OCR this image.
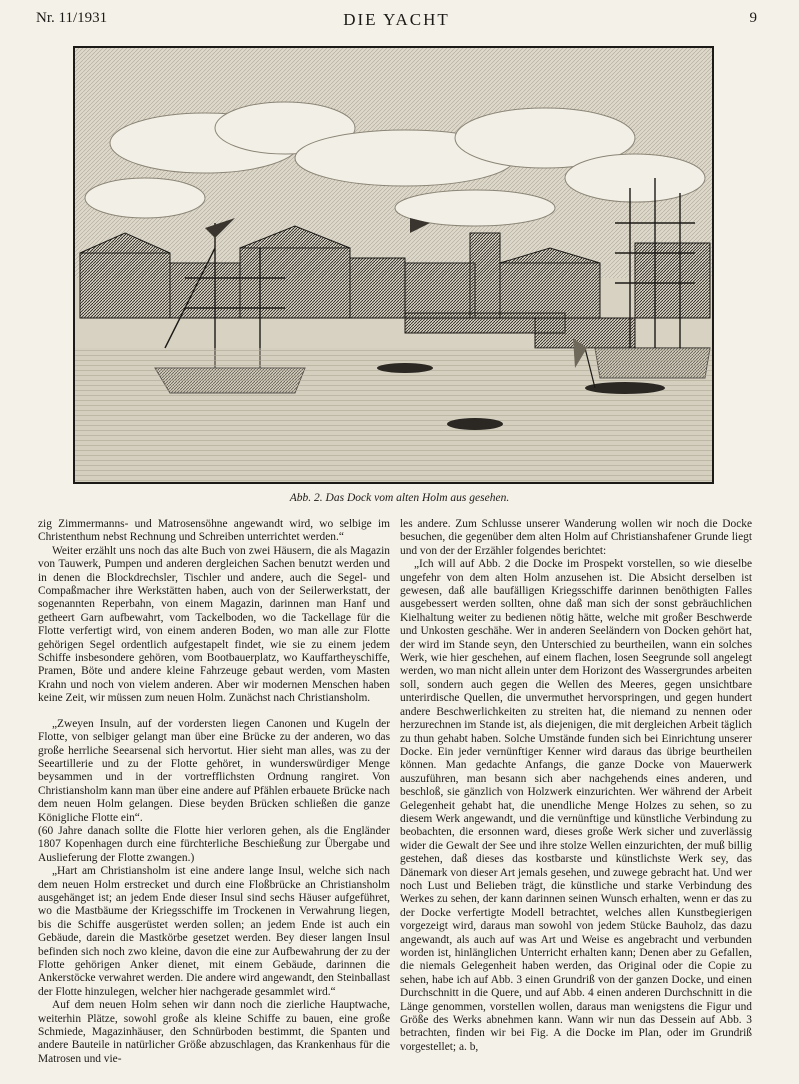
Nr. 11/1931	DIE YACHT	9
Abb. 2. Das Dock vom alten Holm aus gesehen.

zig Zimmermanns- und Matrosensöhne angewandt wird, wo selbige im Christenthum nebst Rechnung und Schreiben unterrichtet werden.“

Weiter erzählt uns noch das alte Buch von zwei Häusern, die als Magazin von Tauwerk, Pumpen und anderen dergleichen Sachen benutzt werden und in denen die Blockdrechsler, Tischler und andere, auch die Segel- und Compaßmacher ihre Werkstätten haben, auch von der Seilerwerkstatt, der sogenannten Reperbahn, von einem Magazin, darinnen man Hanf und getheert Garn aufbewahrt, vom Tackelboden, wo die Tackellage für die Flotte verfertigt wird, von einem anderen Boden, wo man alle zur Flotte gehörigen Segel ordentlich aufgestapelt findet, wie sie zu einem jedem Schiffe insbesondere gehören, vom Bootbauerplatz, wo Kauffartheyschiffe, Pramen, Böte und andere kleine Fahrzeuge gebaut werden, vom Masten Krahn und noch von vielem anderen. Aber wir modernen Menschen haben keine Zeit, wir müssen zum neuen Holm. Zunächst nach Christiansholm.

„Zweyen Insuln, auf der vordersten liegen Canonen und Kugeln der Flotte, von selbiger gelangt man über eine Brücke zu der anderen, wo das große herrliche Seearsenal sich hervortut. Hier sieht man alles, was zu der Seeartillerie und zu der Flotte gehöret, in wunderswürdiger Menge beysammen und in der vortrefflichsten Ordnung rangiret. Von Christiansholm kann man über eine andere auf Pfählen erbauete Brücke nach dem neuen Holm gelangen. Diese beyden Brücken schließen die ganze Königliche Flotte ein“.

(60 Jahre danach sollte die Flotte hier verloren gehen, als die Engländer 1807 Kopenhagen durch eine fürchterliche Beschießung zur Übergabe und Auslieferung der Flotte zwangen.)

„Hart am Christiansholm ist eine andere lange Insul, welche sich nach dem neuen Holm erstrecket und durch eine Floßbrücke an Christiansholm ausgehänget ist; an jedem Ende dieser Insul sind sechs Häuser aufgeführet, wo die Mastbäume der Kriegsschiffe im Trockenen in Verwahrung liegen, bis die Schiffe ausgerüstet werden sollen; an jedem Ende ist auch ein Gebäude, darein die Mastkörbe gesetzet werden. Bey dieser langen Insul befinden sich noch zwo kleine, davon die eine zur Aufbewahrung der zu der Flotte gehörigen Anker dienet, mit einem Gebäude, darinnen die Ankerstöcke verwahret werden. Die andere wird angewandt, den Steinballast der Flotte hinzulegen, welcher hier nachgerade gesammlet wird.“

Auf dem neuen Holm sehen wir dann noch die zierliche Hauptwache, weiterhin Plätze, sowohl große als kleine Schiffe zu bauen, eine große Schmiede, Magazinhäuser, den Schnürboden bestimmt, die Spanten und andere Bauteile in natürlicher Größe abzuschlagen, das Krankenhaus für die Matrosen und vie-

les andere. Zum Schlusse unserer Wanderung wollen wir noch die Docke besuchen, die gegenüber dem alten Holm auf Christianshafener Grunde liegt und von der der Erzähler folgendes berichtet:

„Ich will auf Abb. 2 die Docke im Prospekt vorstellen, so wie dieselbe ungefehr von dem alten Holm anzusehen ist. Die Absicht derselben ist gewesen, daß alle baufälligen Kriegsschiffe darinnen benöthigten Falles ausgebessert werden sollten, ohne daß man sich der sonst gebräuchlichen Kielhaltung weiter zu bedienen nötig hätte, welche mit großer Beschwerde und Unkosten geschähe. Wer in anderen Seeländern von Docken gehört hat, der wird im Stande seyn, den Unterschied zu beurtheilen, wann ein solches Werk, wie hier geschehen, auf einem flachen, losen Seegrunde soll angelegt werden, wo man nicht allein unter dem Horizont des Wassergrundes arbeiten soll, sondern auch gegen die Wellen des Meeres, gegen unsichtbare unterirdische Quellen, die unvermuthet hervorspringen, und gegen hundert andere Beschwerlichkeiten zu streiten hat, die niemand zu nennen oder herzurechnen im Stande ist, als diejenigen, die mit dergleichen Arbeit täglich zu thun gehabt haben. Solche Umstände funden sich bei Einrichtung unserer Docke. Ein jeder vernünftiger Kenner wird daraus das übrige beurtheilen können. Man gedachte Anfangs, die ganze Docke von Mauerwerk auszuführen, man besann sich aber nachgehends eines anderen, und beschloß, sie gänzlich von Holzwerk einzurichten. Wer während der Arbeit Gelegenheit gehabt hat, die unendliche Menge Holzes zu sehen, so zu diesem Werk angewandt, und die vernünftige und künstliche Verbindung zu beobachten, die ersonnen ward, dieses große Werk sicher und zuverlässig wider die Gewalt der See und ihre stolze Wellen einzurichten, der muß billig gestehen, daß dieses das kostbarste und künstlichste Werk sey, das Dänemark von dieser Art jemals gesehen, und zuwege gebracht hat. Und wer noch Lust und Belieben trägt, die künstliche und starke Verbindung des Werkes zu sehen, der kann darinnen seinen Wunsch erhalten, wenn er das zu der Docke verfertigte Modell betrachtet, welches allen Kunstbegierigen vorgezeigt wird, daraus man sowohl von jedem Stücke Bauholz, das dazu angewandt, als auch auf was Art und Weise es angebracht und verbunden worden ist, hinlänglichen Unterricht erhalten kann; Denen aber zu Gefallen, die niemals Gelegenheit haben werden, das Original oder die Copie zu sehen, habe ich auf Abb. 3 einen Grundriß von der ganzen Docke, und einen Durchschnitt in die Quere, und auf Abb. 4 einen anderen Durchschnitt in die Länge genommen, vorstellen wollen, daraus man wenigstens die Figur und Größe des Werks abnehmen kann. Wann wir nun das Dessein auf Abb. 3 betrachten, finden wir bei Fig. A die Docke im Plan, oder im Grundriß vorgestellet; a. b,
